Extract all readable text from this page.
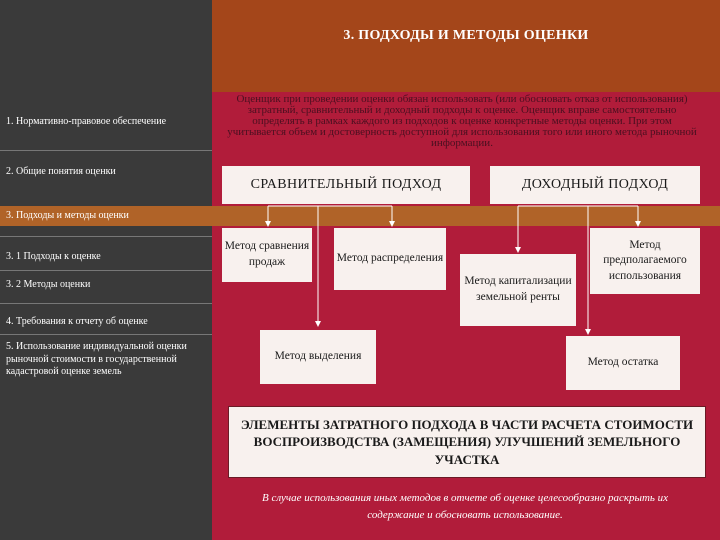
1. Нормативно-правовое обеспечение
2. Общие понятия оценки
3. Подходы и методы оценки
3. 1 Подходы к оценке
3. 2 Методы оценки
4. Требования к отчету об оценке
5. Использование индивидуальной оценки рыночной стоимости в государственной кадастровой оценке земель
3. ПОДХОДЫ И МЕТОДЫ ОЦЕНКИ
Оценщик при проведении оценки обязан использовать (или обосновать отказ от использования) затратный, сравнительный и доходный подходы к оценке. Оценщик вправе самостоятельно определять в рамках каждого из подходов к оценке конкретные методы оценки. При этом учитывается объем и достоверность доступной для использования того или иного метода рыночной информации.
СРАВНИТЕЛЬНЫЙ ПОДХОД	ДОХОДНЫЙ ПОДХОД
Метод сравнения продаж	Метод распределения
Метод капитализации земельной ренты
Метод предполагаемого использования
Метод выделения	Метод остатка
ЭЛЕМЕНТЫ ЗАТРАТНОГО ПОДХОДА В ЧАСТИ РАСЧЕТА СТОИМОСТИ ВОСПРОИЗВОДСТВА (ЗАМЕЩЕНИЯ) УЛУЧШЕНИЙ ЗЕМЕЛЬНОГО УЧАСТКА
В случае использования иных методов в отчете об оценке целесообразно раскрыть их содержание и обосновать использование.
